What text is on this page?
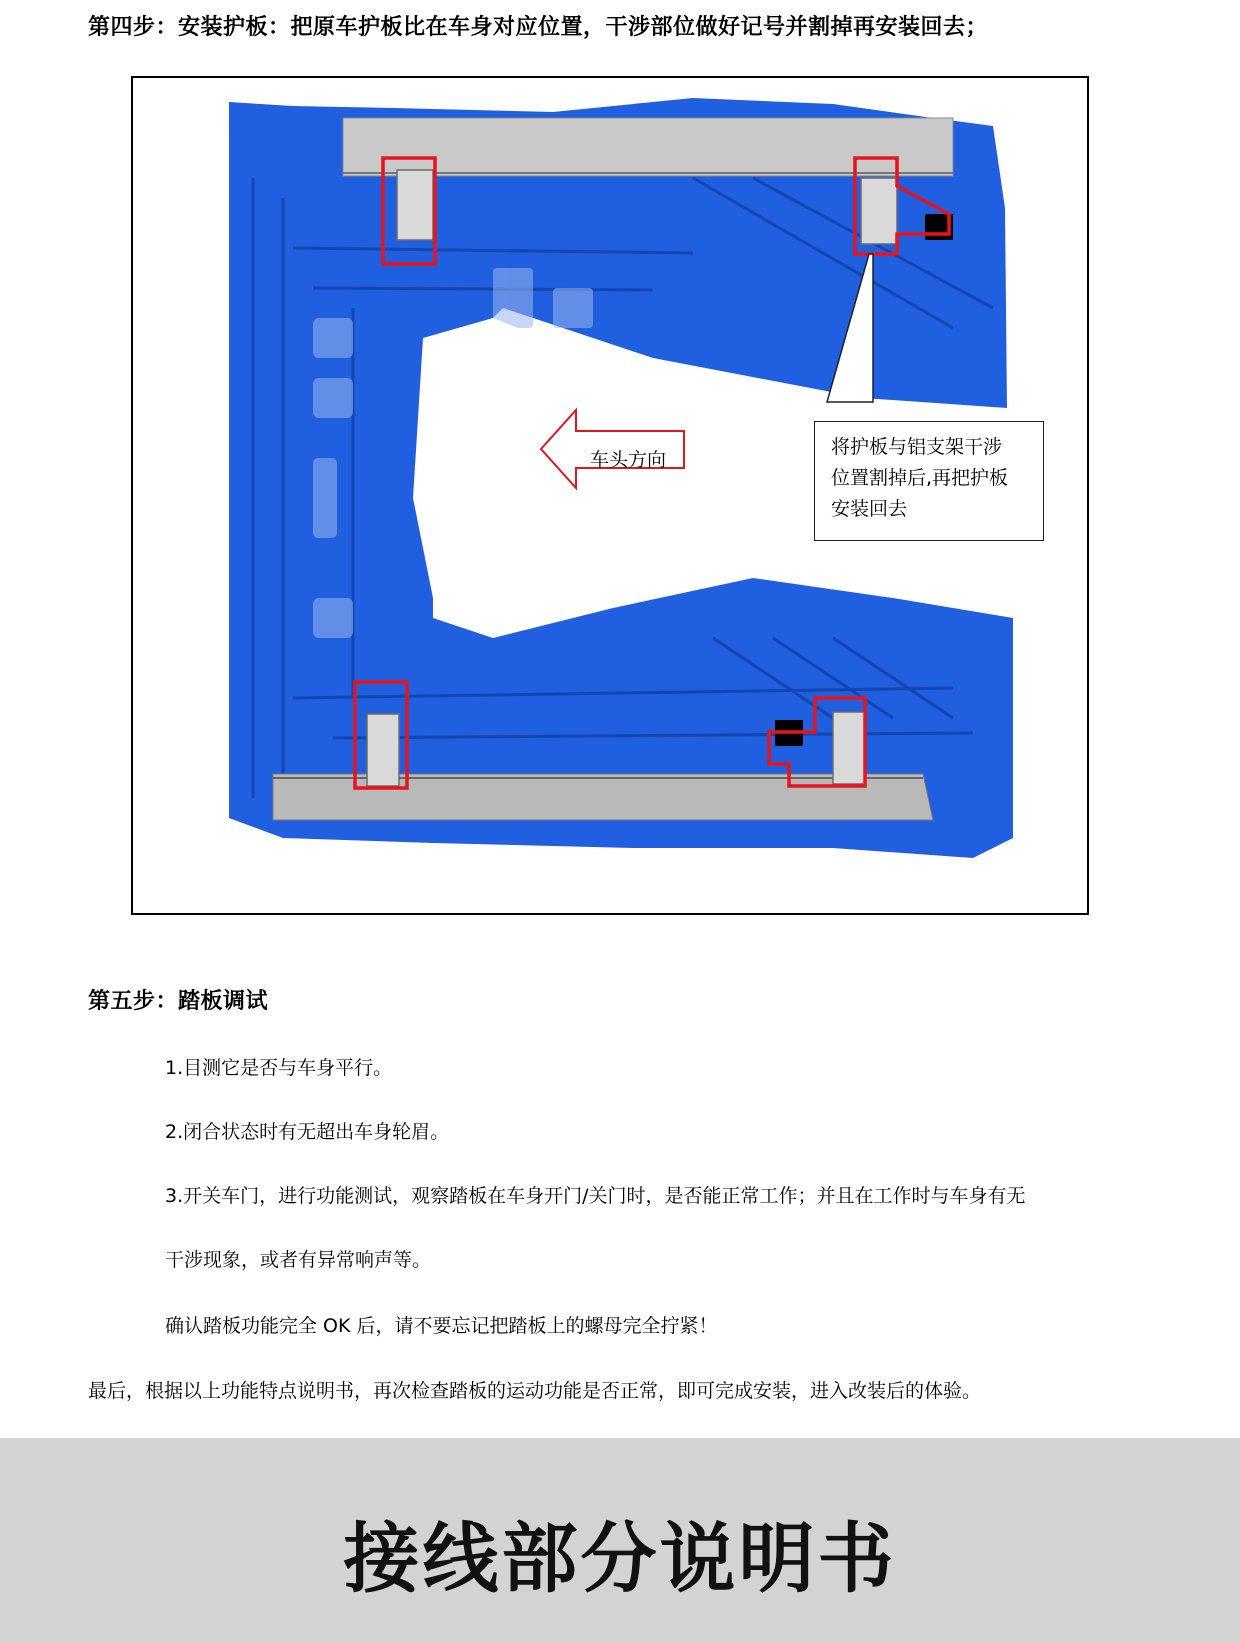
第四步：安装护板：把原车护板比在车身对应位置，干涉部位做好记号并割掉再安装回去；
车头方向
将护板与铝支架干涉
位置割掉后,再把护板
安装回去
第五步：踏板调试
1.目测它是否与车身平行。
2.闭合状态时有无超出车身轮眉。
3.开关车门，进行功能测试，观察踏板在车身开门/关门时，是否能正常工作；并且在工作时与车身有无
干涉现象，或者有异常响声等。
确认踏板功能完全 OK 后，请不要忘记把踏板上的螺母完全拧紧！
最后，根据以上功能特点说明书，再次检查踏板的运动功能是否正常，即可完成安装，进入改装后的体验。
接线部分说明书
